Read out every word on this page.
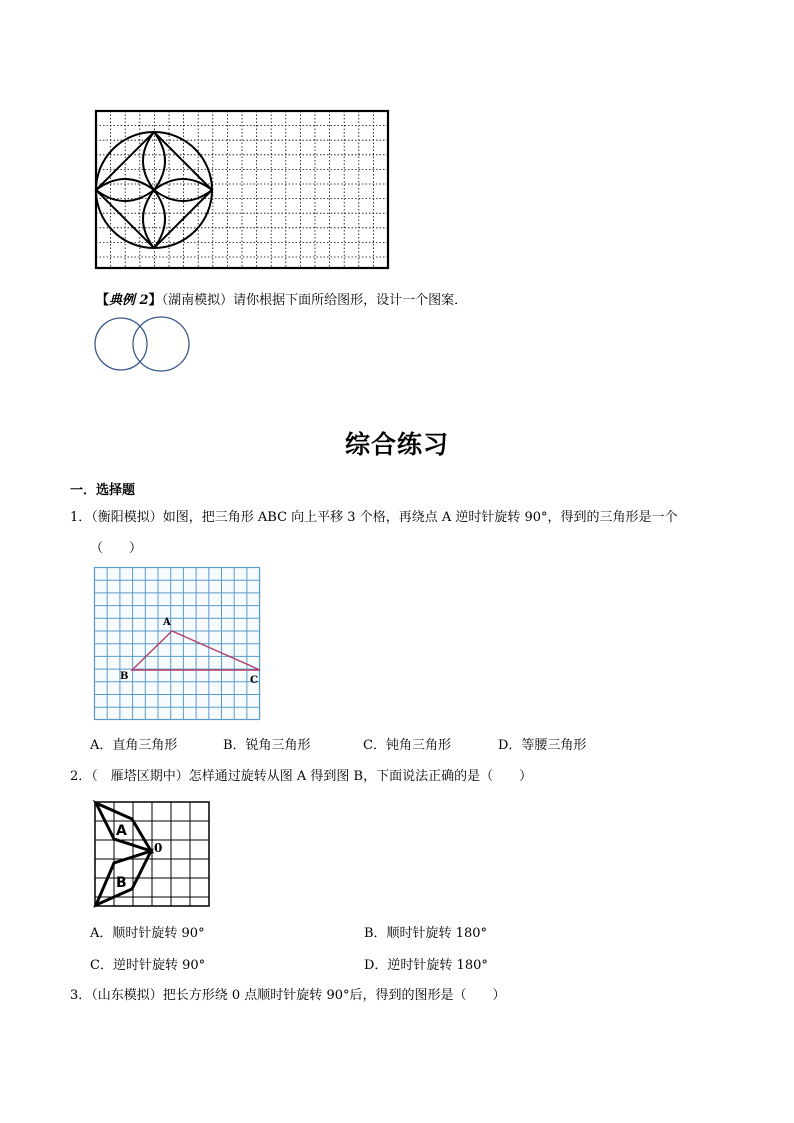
【典例 2】（湖南模拟）请你根据下面所给图形，设计一个图案．
综合练习
一．选择题
1．（衡阳模拟）如图，把三角形 ABC 向上平移 3 个格，再绕点 A 逆时针旋转 90°，得到的三角形是一个
（　　）
A
B	C
A．直角三角形	B．锐角三角形	C．钝角三角形	D．等腰三角形
2．（　雁塔区期中）怎样通过旋转从图 A 得到图 B，下面说法正确的是（　　）
A
B
0
A．顺时针旋转 90°	B．顺时针旋转 180°
C．逆时针旋转 90°	D．逆时针旋转 180°
3．（山东模拟）把长方形绕 0 点顺时针旋转 90°后，得到的图形是（　　）
